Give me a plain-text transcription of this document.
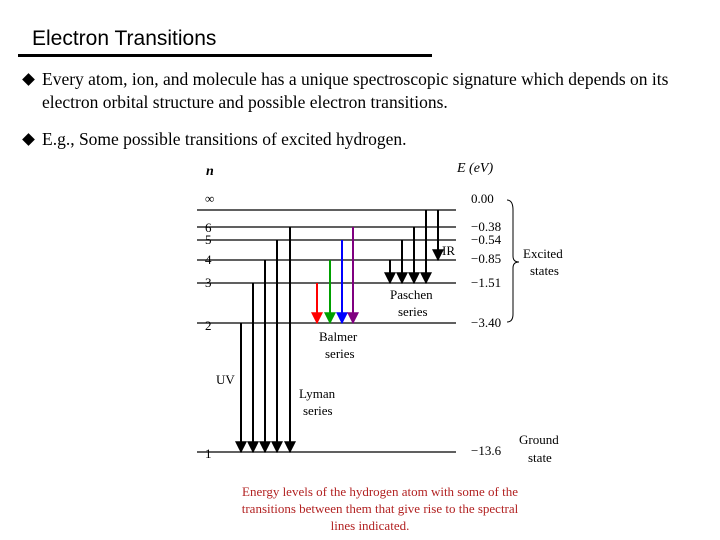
Electron Transitions
Every atom, ion, and molecule has a unique spectroscopic signature which depends on its electron orbital structure and possible electron transitions.
E.g., Some possible transitions of excited hydrogen.
n	E (eV)
∞	0.00
6	−0.38
5	−0.54
4	−0.85
3	−1.51
2	−3.40
1	−13.6
IR
UV
Paschen
series
Balmer
series
Lyman
series
Excited
states
Ground
state
Energy levels of the hydrogen atom with some of the
transitions between them that give rise to the spectral
lines indicated.
